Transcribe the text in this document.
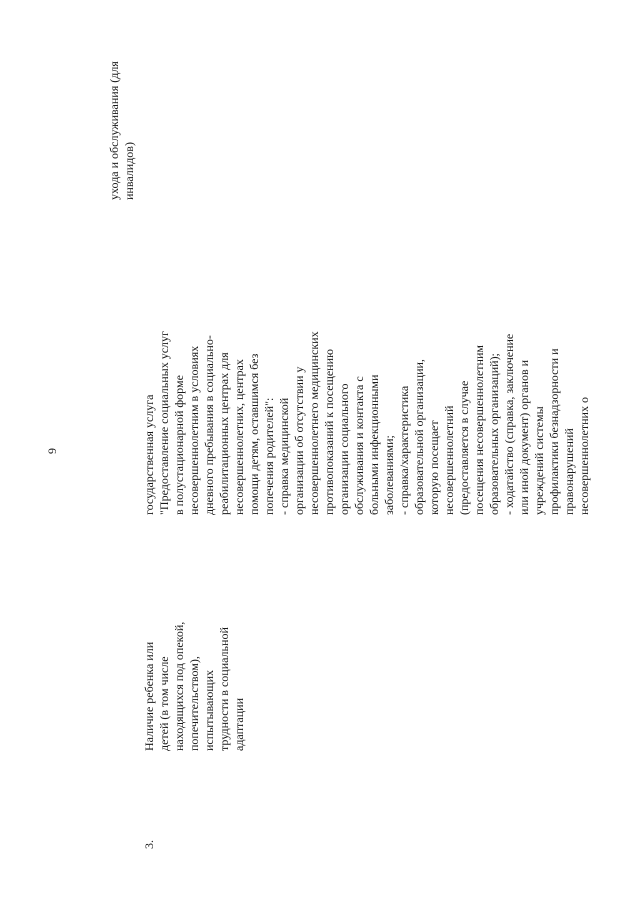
9

ухода и обслуживания (для
инвалидов)

3.

Наличие ребенка или
детей (в том числе
находящихся под опекой,
попечительством),
испытывающих
трудности в социальной
адаптации

государственная услуга
"Предоставление социальных услуг
в полустационарной форме
несовершеннолетним в условиях
дневного пребывания в социально-
реабилитационных центрах для
несовершеннолетних, центрах
помощи детям, оставшимся без
попечения родителей":
- справка медицинской
организации об отсутствии у
несовершеннолетнего медицинских
противопоказаний к посещению
организации социального
обслуживания и контакта с
больными инфекционными
заболеваниями;
- справка/характеристика
образовательной организации,
которую посещает
несовершеннолетний
(предоставляется в случае
посещения несовершеннолетним
образовательных организаций);
- ходатайство (справка, заключение
или иной документ) органов и
учреждений системы
профилактики безнадзорности и
правонарушений
несовершеннолетних о
